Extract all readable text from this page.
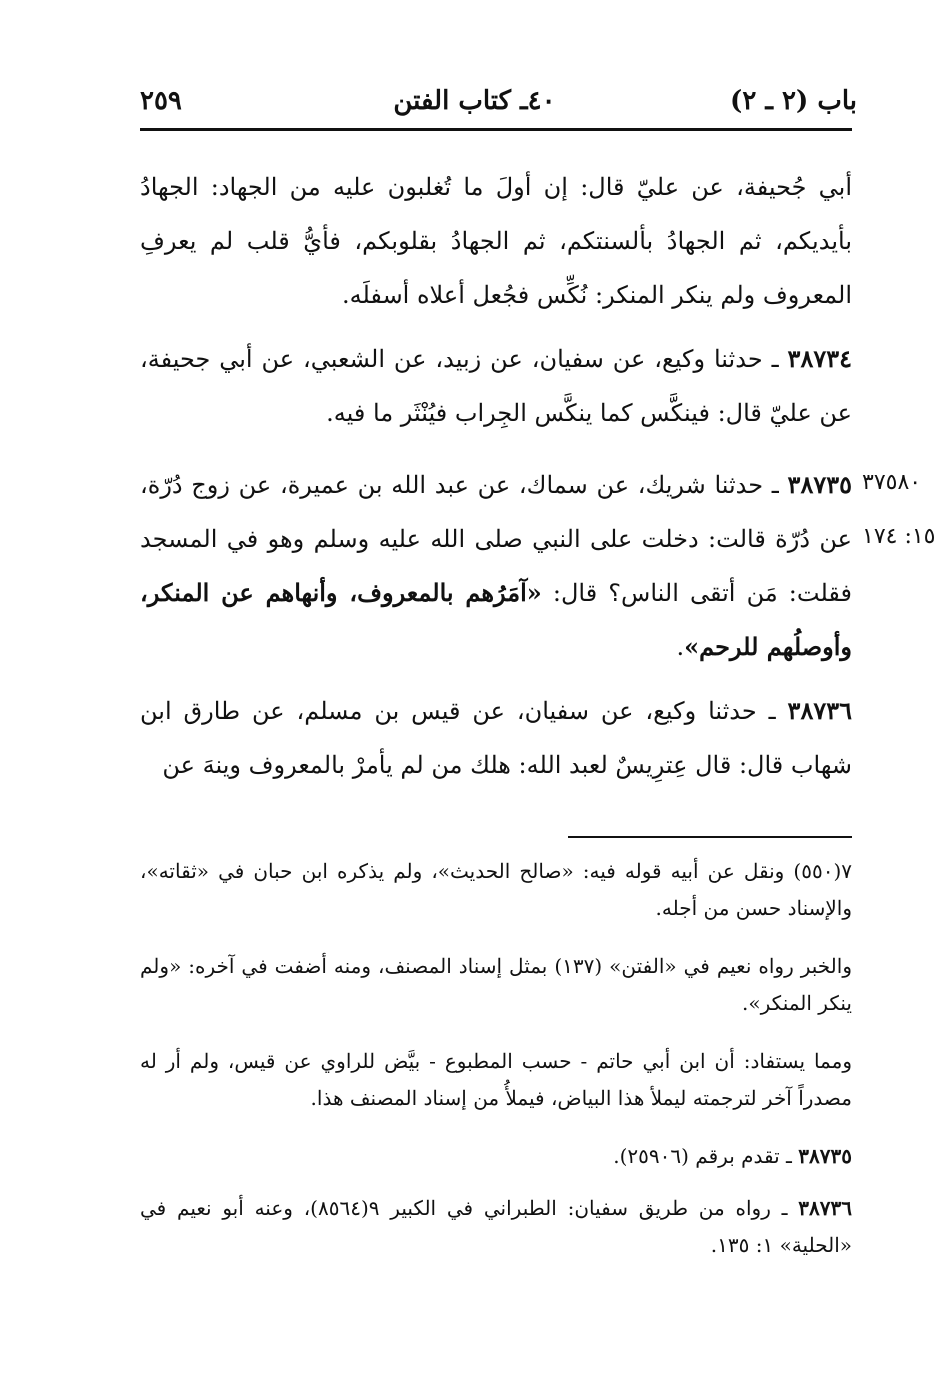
باب (٢ ـ ٢)
٤٠ـ كتاب الفتن
٢٥٩
أبي جُحيفة، عن عليّ قال: إن أولَ ما تُغلبون عليه من الجهاد: الجهادُ بأيديكم، ثم الجهادُ بألسنتكم، ثم الجهادُ بقلوبكم، فأيُّ قلب لم يعرفِ المعروف ولم ينكر المنكر: نُكِّس فجُعل أعلاه أسفلَه.
٣٨٧٣٤ ـ حدثنا وكيع، عن سفيان، عن زبيد، عن الشعبي، عن أبي جحيفة، عن عليّ قال: فينكَّس كما ينكَّس الجِراب فيُنْثَر ما فيه.
٣٨٧٣٥ ـ حدثنا شريك، عن سماك، عن عبد الله بن عميرة، عن زوج دُرّة، عن دُرّة قالت: دخلت على النبي صلى الله عليه وسلم وهو في المسجد فقلت: مَن أتقى الناس؟ قال: «آمَرُهم بالمعروف، وأنهاهم عن المنكر، وأوصلُهم للرحم».
٣٨٧٣٦ ـ حدثنا وكيع، عن سفيان، عن قيس بن مسلم، عن طارق ابن شهاب قال: قال عِترِيسٌ لعبد الله: هلك من لم يأمرْ بالمعروف وينهَ عن
٣٧٥٨٠
١٥: ١٧٤
٧(٥٥٠) ونقل عن أبيه قوله فيه: «صالح الحديث»، ولم يذكره ابن حبان في «ثقاته»، والإسناد حسن من أجله.
والخبر رواه نعيم في «الفتن» (١٣٧) بمثل إسناد المصنف، ومنه أضفت في آخره: «ولم ينكر المنكر».
ومما يستفاد: أن ابن أبي حاتم - حسب المطبوع - بيَّض للراوي عن قيس، ولم أر له مصدراً آخر لترجمته ليملأ هذا البياض، فيملأُ من إسناد المصنف هذا.
٣٨٧٣٥ ـ تقدم برقم (٢٥٩٠٦).
٣٨٧٣٦ ـ رواه من طريق سفيان: الطبراني في الكبير ٩(٨٥٦٤)، وعنه أبو نعيم في «الحلية» ١: ١٣٥.
